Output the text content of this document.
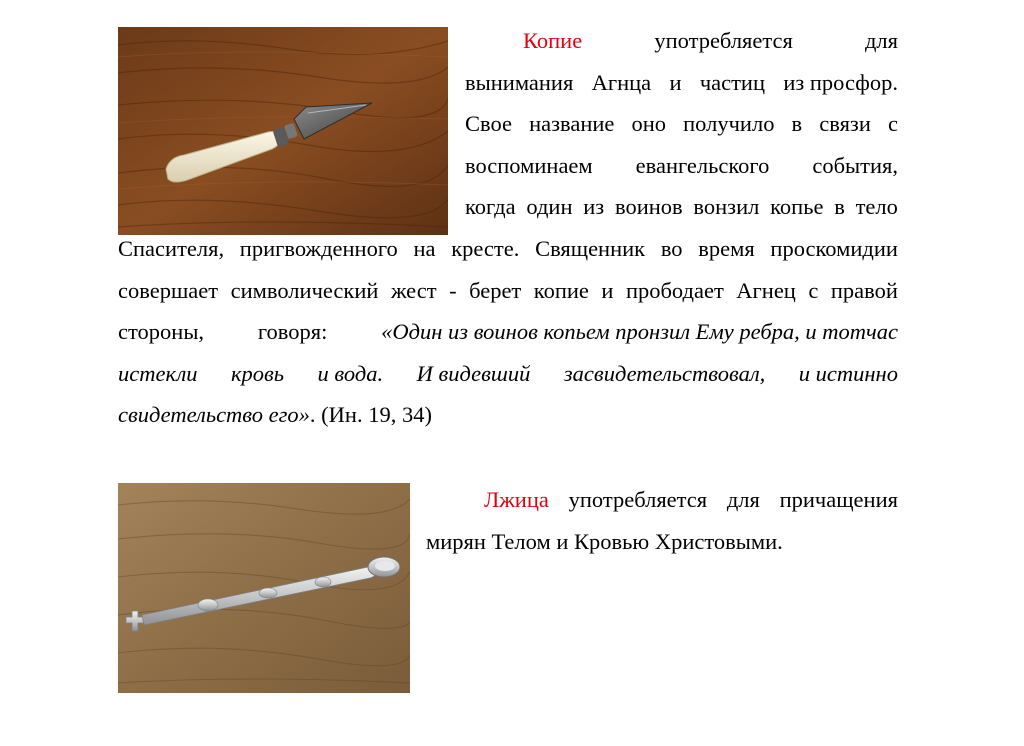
Копие	употребляется	для
вынимания Агнца и частиц из просфор.
Свое название оно получило в связи с
воспоминаем евангельского события,
когда один из воинов вонзил копье в тело
Спасителя, пригвожденного на кресте. Священник во время проскомидии
совершает символический жест - берет копие и прободает Агнец с правой
стороны, говоря: «Один из воинов копьем пронзил Ему ребра, и тотчас
истекли кровь и вода. И видевший засвидетельствовал, и истинно
свидетельство его». (Ин. 19, 34)
Лжица употребляется для причащения
мирян Телом и Кровью Христовыми.
